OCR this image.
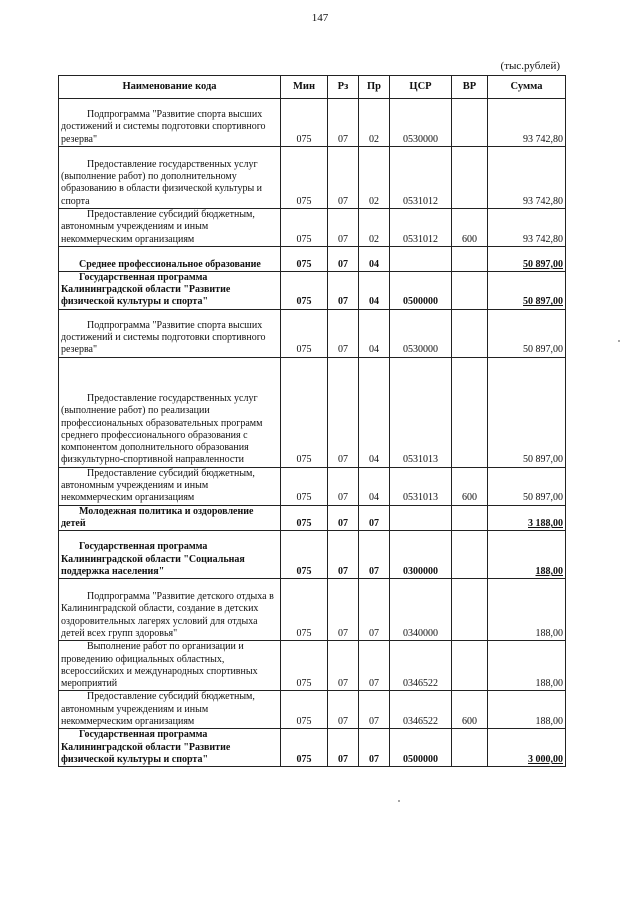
147
(тыс.рублей)
Наименование кода	Мин	Рз	Пр	ЦСР	ВР	Сумма

Подпрограмма "Развитие спорта высших достижений и системы подготовки спортивного резерва"	075	07	02	0530000		93 742,80

Предоставление государственных услуг (выполнение работ) по дополнительному образованию в области физической культуры и спорта	075	07	02	0531012		93 742,80

Предоставление субсидий бюджетным, автономным учреждениям и иным некоммерческим организациям	075	07	02	0531012	600	93 742,80

Среднее профессиональное образование	075	07	04			50 897,00

Государственная программа Калининградской области "Развитие физической культуры и спорта"	075	07	04	0500000		50 897,00

Подпрограмма "Развитие спорта высших достижений и системы подготовки спортивного резерва"	075	07	04	0530000		50 897,00

Предоставление государственных услуг (выполнение работ) по реализации профессиональных образовательных программ среднего профессионального образования с компонентом дополнительного образования физкультурно-спортивной направленности	075	07	04	0531013		50 897,00

Предоставление субсидий бюджетным, автономным учреждениям и иным некоммерческим организациям	075	07	04	0531013	600	50 897,00

Молодежная политика и оздоровление детей	075	07	07			3 188,00

Государственная программа Калининградской области "Социальная поддержка населения"	075	07	07	0300000		188,00

Подпрограмма "Развитие детского отдыха в Калининградской области, создание в детских оздоровительных лагерях условий для отдыха детей всех групп здоровья"	075	07	07	0340000		188,00

Выполнение работ по организации и проведению официальных областных, всероссийских и международных спортивных мероприятий	075	07	07	0346522		188,00

Предоставление субсидий бюджетным, автономным учреждениям и иным некоммерческим организациям	075	07	07	0346522	600	188,00

Государственная программа Калининградской области "Развитие физической культуры и спорта"	075	07	07	0500000		3 000,00
